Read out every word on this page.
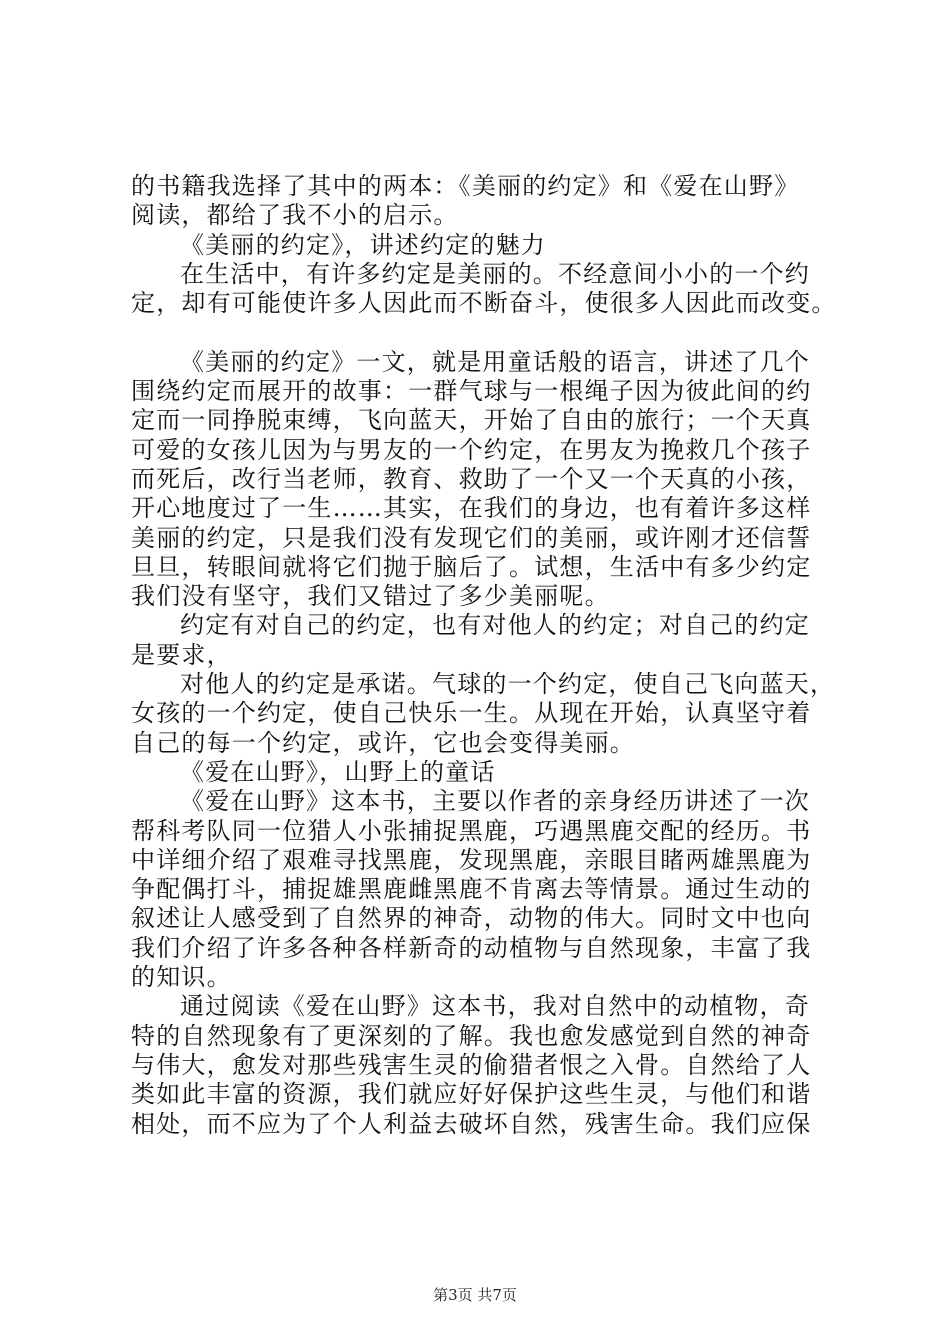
的书籍我选择了其中的两本：《美丽的约定》和《爱在山野》
阅读，都给了我不小的启示。
《美丽的约定》，讲述约定的魅力
在生活中，有许多约定是美丽的。不经意间小小的一个约
定，却有可能使许多人因此而不断奋斗，使很多人因此而改变。
《美丽的约定》一文，就是用童话般的语言，讲述了几个
围绕约定而展开的故事：一群气球与一根绳子因为彼此间的约
定而一同挣脱束缚，飞向蓝天，开始了自由的旅行；一个天真
可爱的女孩儿因为与男友的一个约定，在男友为挽救几个孩子
而死后，改行当老师，教育、救助了一个又一个天真的小孩，
开心地度过了一生……其实，在我们的身边，也有着许多这样
美丽的约定，只是我们没有发现它们的美丽，或许刚才还信誓
旦旦，转眼间就将它们抛于脑后了。试想，生活中有多少约定
我们没有坚守，我们又错过了多少美丽呢。
约定有对自己的约定，也有对他人的约定；对自己的约定
是要求，
对他人的约定是承诺。气球的一个约定，使自己飞向蓝天，
女孩的一个约定，使自己快乐一生。从现在开始，认真坚守着
自己的每一个约定，或许，它也会变得美丽。
《爱在山野》，山野上的童话
《爱在山野》这本书，主要以作者的亲身经历讲述了一次
帮科考队同一位猎人小张捕捉黑鹿，巧遇黑鹿交配的经历。书
中详细介绍了艰难寻找黑鹿，发现黑鹿，亲眼目睹两雄黑鹿为
争配偶打斗，捕捉雄黑鹿雌黑鹿不肯离去等情景。通过生动的
叙述让人感受到了自然界的神奇，动物的伟大。同时文中也向
我们介绍了许多各种各样新奇的动植物与自然现象，丰富了我
的知识。
通过阅读《爱在山野》这本书，我对自然中的动植物，奇
特的自然现象有了更深刻的了解。我也愈发感觉到自然的神奇
与伟大，愈发对那些残害生灵的偷猎者恨之入骨。自然给了人
类如此丰富的资源，我们就应好好保护这些生灵，与他们和谐
相处，而不应为了个人利益去破坏自然，残害生命。我们应保
第3页 共7页
